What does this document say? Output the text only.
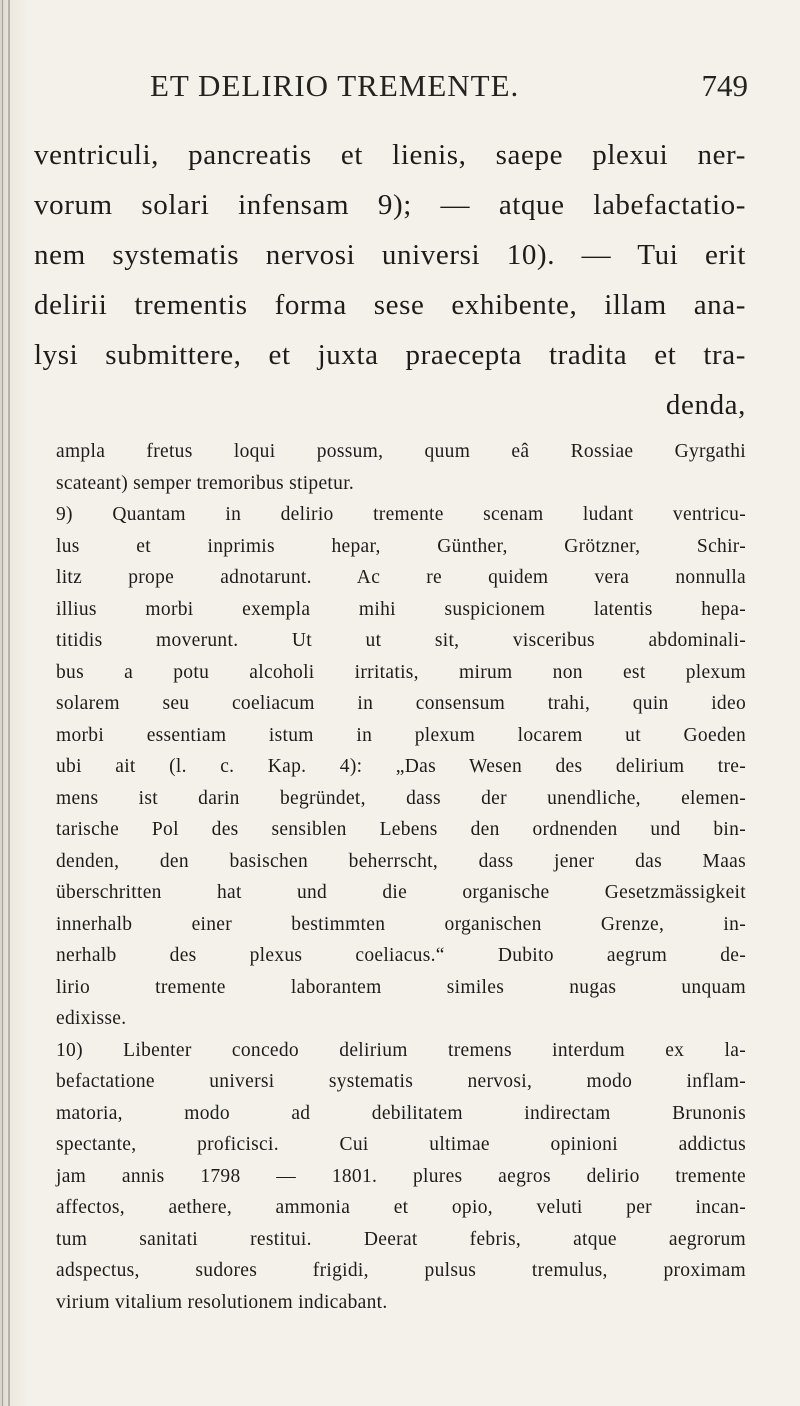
ET DELIRIO TREMENTE.	749
ventriculi, pancreatis et lienis, saepe plexui ner-
vorum solari infensam 9); — atque labefactatio-
nem systematis nervosi universi 10). — Tui erit
delirii trementis forma sese exhibente, illam ana-
lysi submittere, et juxta praecepta tradita et tra-
denda,
ampla fretus loqui possum, quum eâ Rossiae Gyrgathi
scateant) semper tremoribus stipetur.
9) Quantam in delirio tremente scenam ludant ventricu-
lus et inprimis hepar, Günther, Grötzner, Schir-
litz prope adnotarunt. Ac re quidem vera nonnulla
illius morbi exempla mihi suspicionem latentis hepa-
titidis moverunt. Ut ut sit, visceribus abdominali-
bus a potu alcoholi irritatis, mirum non est plexum
solarem seu coeliacum in consensum trahi, quin ideo
morbi essentiam istum in plexum locarem ut Goeden
ubi ait (l. c. Kap. 4): „Das Wesen des delirium tre-
mens ist darin begründet, dass der unendliche, elemen-
tarische Pol des sensiblen Lebens den ordnenden und bin-
denden, den basischen beherrscht, dass jener das Maas
überschritten hat und die organische Gesetzmässigkeit
innerhalb einer bestimmten organischen Grenze, in-
nerhalb des plexus coeliacus.“ Dubito aegrum de-
lirio tremente laborantem similes nugas unquam
edixisse.
10) Libenter concedo delirium tremens interdum ex la-
befactatione universi systematis nervosi, modo inflam-
matoria, modo ad debilitatem indirectam Brunonis
spectante, proficisci. Cui ultimae opinioni addictus
jam annis 1798 — 1801. plures aegros delirio tremente
affectos, aethere, ammonia et opio, veluti per incan-
tum sanitati restitui. Deerat febris, atque aegrorum
adspectus, sudores frigidi, pulsus tremulus, proximam
virium vitalium resolutionem indicabant.
